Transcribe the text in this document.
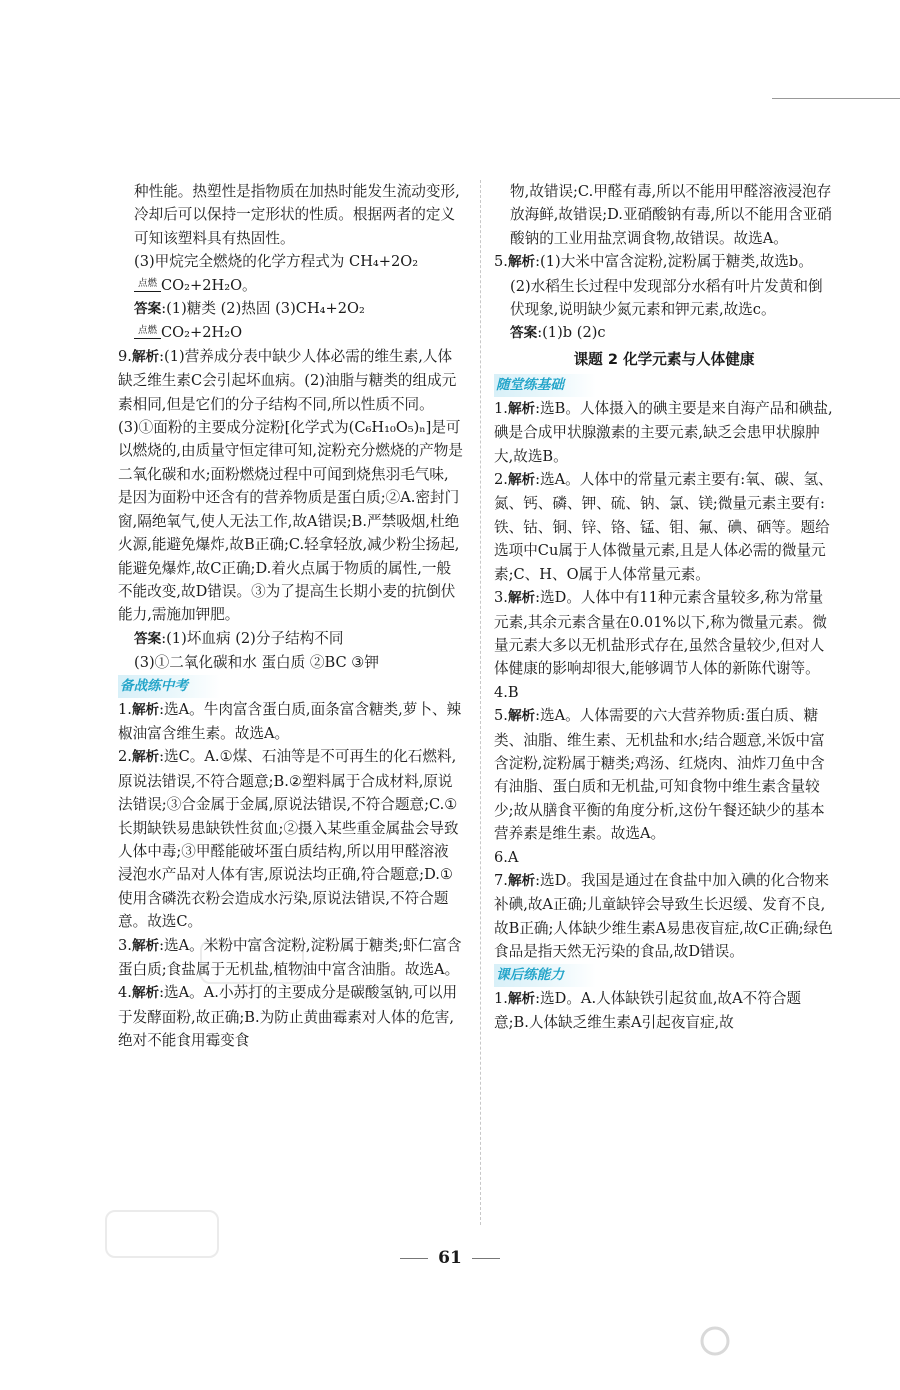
种性能。热塑性是指物质在加热时能发生流动变形,冷却后可以保持一定形状的性质。根据两者的定义可知该塑料具有热固性。
(3)甲烷完全燃烧的化学方程式为 CH₄+2O₂
点燃 CO₂+2H₂O。
答案:(1)糖类 (2)热固 (3)CH₄+2O₂
点燃 CO₂+2H₂O
9.解析:(1)营养成分表中缺少人体必需的维生素,人体缺乏维生素C会引起坏血病。(2)油脂与糖类的组成元素相同,但是它们的分子结构不同,所以性质不同。(3)①面粉的主要成分淀粉[化学式为(C₆H₁₀O₅)ₙ]是可以燃烧的,由质量守恒定律可知,淀粉充分燃烧的产物是二氧化碳和水;面粉燃烧过程中可闻到烧焦羽毛气味,是因为面粉中还含有的营养物质是蛋白质;②A.密封门窗,隔绝氧气,使人无法工作,故A错误;B.严禁吸烟,杜绝火源,能避免爆炸,故B正确;C.轻拿轻放,减少粉尘扬起,能避免爆炸,故C正确;D.着火点属于物质的属性,一般不能改变,故D错误。③为了提高生长期小麦的抗倒伏能力,需施加钾肥。
答案:(1)坏血病 (2)分子结构不同
(3)①二氧化碳和水 蛋白质 ②BC ③钾
备战练中考
1.解析:选A。牛肉富含蛋白质,面条富含糖类,萝卜、辣椒油富含维生素。故选A。
2.解析:选C。A.①煤、石油等是不可再生的化石燃料,原说法错误,不符合题意;B.②塑料属于合成材料,原说法错误;③合金属于金属,原说法错误,不符合题意;C.①长期缺铁易患缺铁性贫血;②摄入某些重金属盐会导致人体中毒;③甲醛能破坏蛋白质结构,所以用甲醛溶液浸泡水产品对人体有害,原说法均正确,符合题意;D.①使用含磷洗衣粉会造成水污染,原说法错误,不符合题意。故选C。
3.解析:选A。米粉中富含淀粉,淀粉属于糖类;虾仁富含蛋白质;食盐属于无机盐,植物油中富含油脂。故选A。
4.解析:选A。A.小苏打的主要成分是碳酸氢钠,可以用于发酵面粉,故正确;B.为防止黄曲霉素对人体的危害,绝对不能食用霉变食
物,故错误;C.甲醛有毒,所以不能用甲醛溶液浸泡存放海鲜,故错误;D.亚硝酸钠有毒,所以不能用含亚硝酸钠的工业用盐烹调食物,故错误。故选A。
5.解析:(1)大米中富含淀粉,淀粉属于糖类,故选b。
(2)水稻生长过程中发现部分水稻有叶片发黄和倒伏现象,说明缺少氮元素和钾元素,故选c。
答案:(1)b (2)c
课题 2 化学元素与人体健康
随堂练基础
1.解析:选B。人体摄入的碘主要是来自海产品和碘盐,碘是合成甲状腺激素的主要元素,缺乏会患甲状腺肿大,故选B。
2.解析:选A。人体中的常量元素主要有:氧、碳、氢、氮、钙、磷、钾、硫、钠、氯、镁;微量元素主要有:铁、钴、铜、锌、铬、锰、钼、氟、碘、硒等。题给选项中Cu属于人体微量元素,且是人体必需的微量元素;C、H、O属于人体常量元素。
3.解析:选D。人体中有11种元素含量较多,称为常量元素,其余元素含量在0.01%以下,称为微量元素。微量元素大多以无机盐形式存在,虽然含量较少,但对人体健康的影响却很大,能够调节人体的新陈代谢等。
4.B
5.解析:选A。人体需要的六大营养物质:蛋白质、糖类、油脂、维生素、无机盐和水;结合题意,米饭中富含淀粉,淀粉属于糖类;鸡汤、红烧肉、油炸刀鱼中含有油脂、蛋白质和无机盐,可知食物中维生素含量较少;故从膳食平衡的角度分析,这份午餐还缺少的基本营养素是维生素。故选A。
6.A
7.解析:选D。我国是通过在食盐中加入碘的化合物来补碘,故A正确;儿童缺锌会导致生长迟缓、发育不良,故B正确;人体缺少维生素A易患夜盲症,故C正确;绿色食品是指天然无污染的食品,故D错误。
课后练能力
1.解析:选D。A.人体缺铁引起贫血,故A不符合题意;B.人体缺乏维生素A引起夜盲症,故
61
